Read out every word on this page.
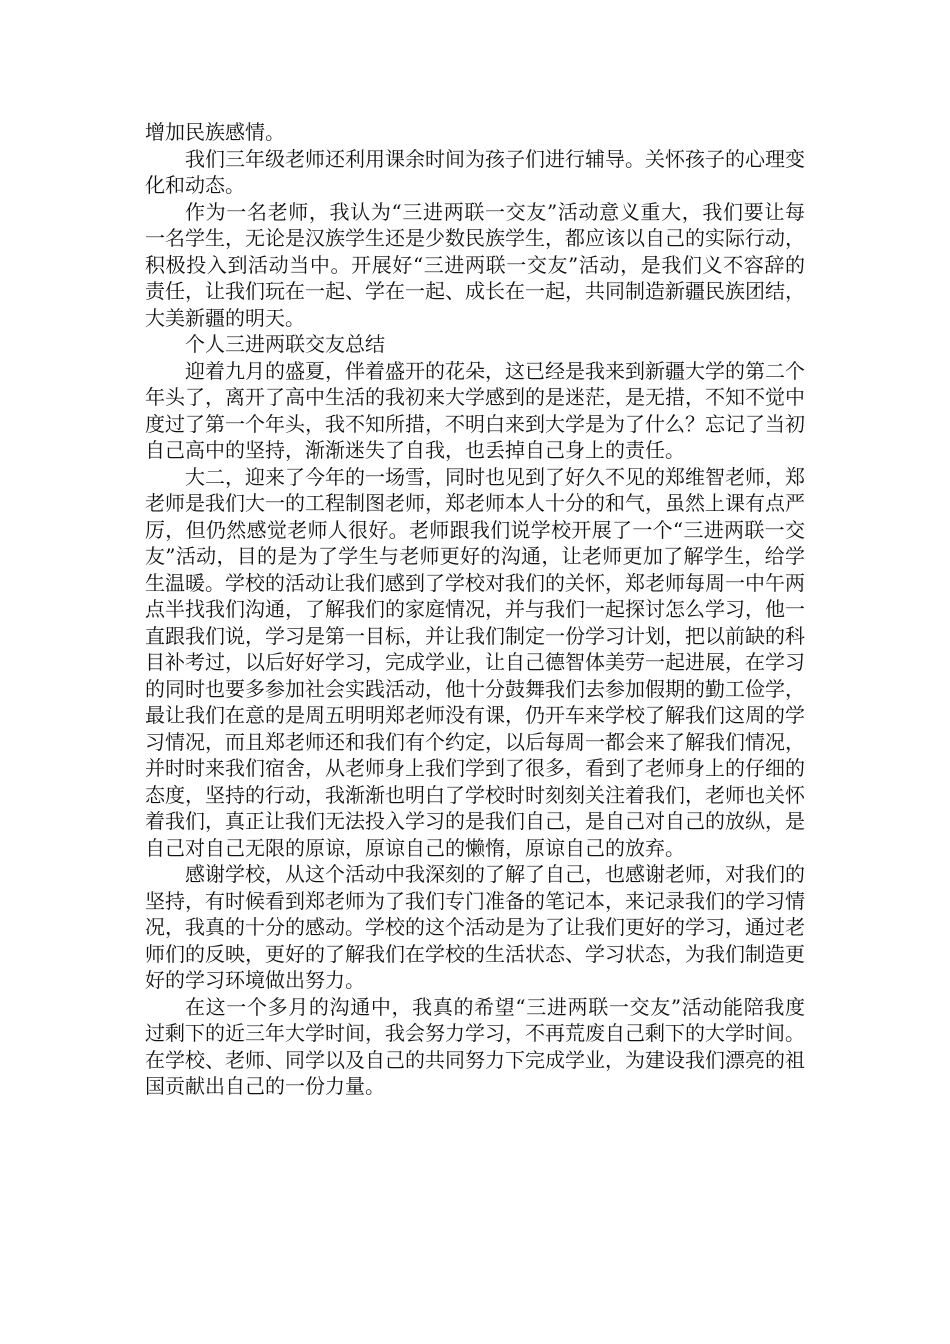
增加民族感情。

我们三年级老师还利用课余时间为孩子们进行辅导。关怀孩子的心理变化和动态。

作为一名老师，我认为“三进两联一交友”活动意义重大，我们要让每一名学生，无论是汉族学生还是少数民族学生，都应该以自己的实际行动，积极投入到活动当中。开展好“三进两联一交友”活动，是我们义不容辞的责任，让我们玩在一起、学在一起、成长在一起，共同制造新疆民族团结，大美新疆的明天。

个人三进两联交友总结

迎着九月的盛夏，伴着盛开的花朵，这已经是我来到新疆大学的第二个年头了，离开了高中生活的我初来大学感到的是迷茫，是无措，不知不觉中度过了第一个年头，我不知所措，不明白来到大学是为了什么？忘记了当初自己高中的坚持，渐渐迷失了自我，也丢掉自己身上的责任。

大二，迎来了今年的一场雪，同时也见到了好久不见的郑维智老师，郑老师是我们大一的工程制图老师，郑老师本人十分的和气，虽然上课有点严厉，但仍然感觉老师人很好。老师跟我们说学校开展了一个“三进两联一交友”活动，目的是为了学生与老师更好的沟通，让老师更加了解学生，给学生温暖。学校的活动让我们感到了学校对我们的关怀，郑老师每周一中午两点半找我们沟通，了解我们的家庭情况，并与我们一起探讨怎么学习，他一直跟我们说，学习是第一目标，并让我们制定一份学习计划，把以前缺的科目补考过，以后好好学习，完成学业，让自己德智体美劳一起进展，在学习的同时也要多参加社会实践活动，他十分鼓舞我们去参加假期的勤工俭学，最让我们在意的是周五明明郑老师没有课，仍开车来学校了解我们这周的学习情况，而且郑老师还和我们有个约定，以后每周一都会来了解我们情况，并时时来我们宿舍，从老师身上我们学到了很多，看到了老师身上的仔细的态度，坚持的行动，我渐渐也明白了学校时时刻刻关注着我们，老师也关怀着我们，真正让我们无法投入学习的是我们自己，是自己对自己的放纵，是自己对自己无限的原谅，原谅自己的懒惰，原谅自己的放弃。

感谢学校，从这个活动中我深刻的了解了自己，也感谢老师，对我们的坚持，有时候看到郑老师为了我们专门准备的笔记本，来记录我们的学习情况，我真的十分的感动。学校的这个活动是为了让我们更好的学习，通过老师们的反映，更好的了解我们在学校的生活状态、学习状态，为我们制造更好的学习环境做出努力。

在这一个多月的沟通中，我真的希望“三进两联一交友”活动能陪我度过剩下的近三年大学时间，我会努力学习，不再荒废自己剩下的大学时间。在学校、老师、同学以及自己的共同努力下完成学业，为建设我们漂亮的祖国贡献出自己的一份力量。
